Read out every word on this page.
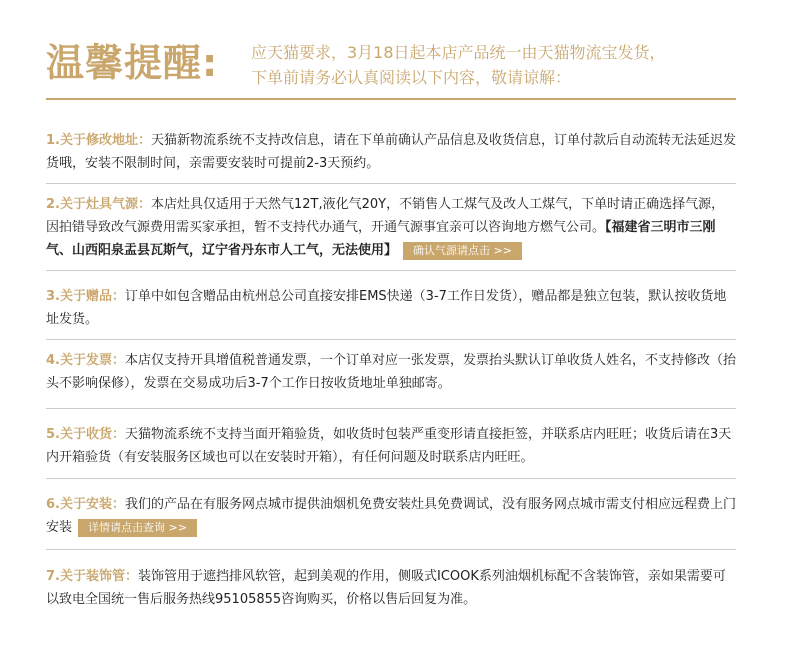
温馨提醒: 应天猫要求，3月18日起本店产品统一由天猫物流宝发货，
下单前请务必认真阅读以下内容，敬请谅解：
1.关于修改地址：天猫新物流系统不支持改信息，请在下单前确认产品信息及收货信息，订单付款后自动流转无法延迟发货哦，安装不限制时间，亲需要安装时可提前2-3天预约。
2.关于灶具气源：本店灶具仅适用于天然气12T,液化气20Y，不销售人工煤气及改人工煤气，下单时请正确选择气源，因拍错导致改气源费用需买家承担，暂不支持代办通气，开通气源事宜亲可以咨询地方燃气公司。【福建省三明市三刚气、山西阳泉盂县瓦斯气，辽宁省丹东市人工气，无法使用】 确认气源请点击 >>
3.关于赠品：订单中如包含赠品由杭州总公司直接安排EMS快递（3-7工作日发货），赠品都是独立包装，默认按收货地址发货。
4.关于发票：本店仅支持开具增值税普通发票，一个订单对应一张发票，发票抬头默认订单收货人姓名，不支持修改（抬头不影响保修），发票在交易成功后3-7个工作日按收货地址单独邮寄。
5.关于收货：天猫物流系统不支持当面开箱验货，如收货时包装严重变形请直接拒签，并联系店内旺旺；收货后请在3天内开箱验货（有安装服务区域也可以在安装时开箱），有任何问题及时联系店内旺旺。
6.关于安装：我们的产品在有服务网点城市提供油烟机免费安装灶具免费调试，没有服务网点城市需支付相应远程费上门安装 详情请点击查询 >>
7.关于装饰管：装饰管用于遮挡排风软管，起到美观的作用，侧吸式ICOOK系列油烟机标配不含装饰管，亲如果需要可以致电全国统一售后服务热线95105855咨询购买，价格以售后回复为准。
